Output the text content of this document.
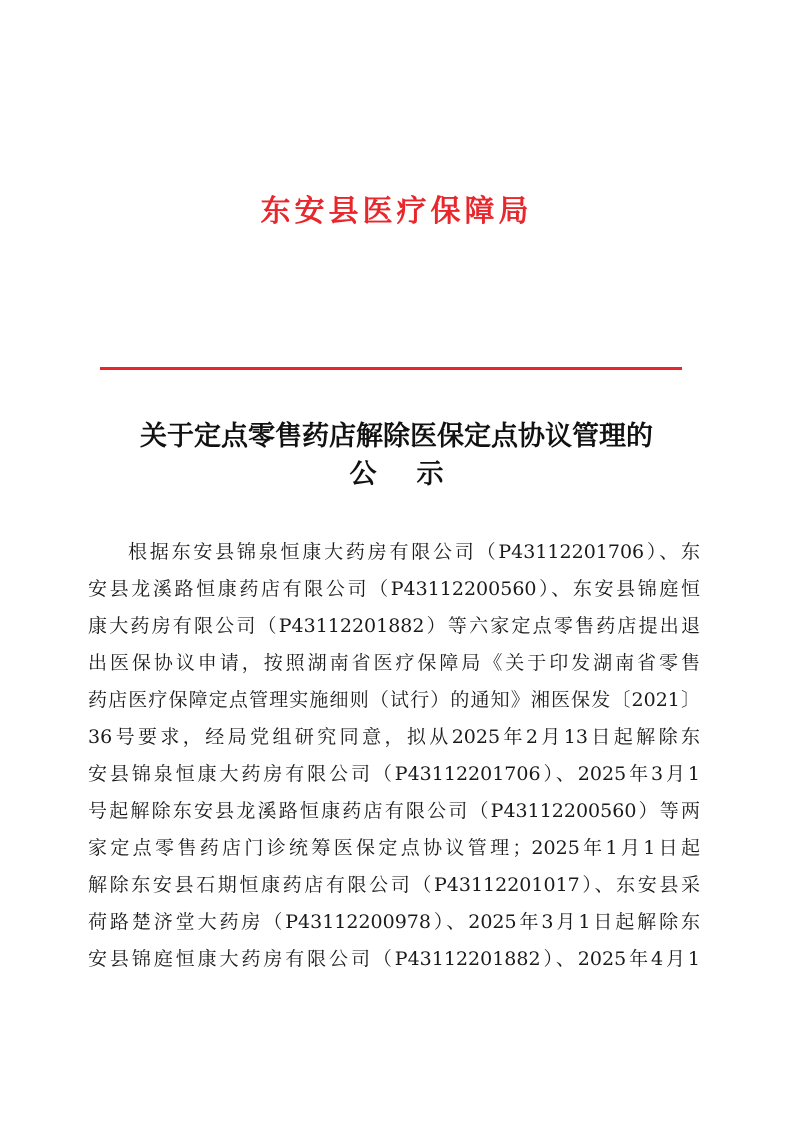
东安县医疗保障局
关于定点零售药店解除医保定点协议管理的
公示
根据东安县锦泉恒康大药房有限公司（P43112201706）、东
安县龙溪路恒康药店有限公司（P43112200560）、东安县锦庭恒
康大药房有限公司（P43112201882）等六家定点零售药店提出退
出医保协议申请，按照湖南省医疗保障局《关于印发湖南省零售
药店医疗保障定点管理实施细则（试行）的通知》湘医保发〔2021〕
36号要求，经局党组研究同意，拟从2025年2月13日起解除东
安县锦泉恒康大药房有限公司（P43112201706）、2025年3月1
号起解除东安县龙溪路恒康药店有限公司（P43112200560）等两
家定点零售药店门诊统筹医保定点协议管理；2025年1月1日起
解除东安县石期恒康药店有限公司（P43112201017）、东安县采
荷路楚济堂大药房（P43112200978）、2025年3月1日起解除东
安县锦庭恒康大药房有限公司（P43112201882）、2025年4月1
